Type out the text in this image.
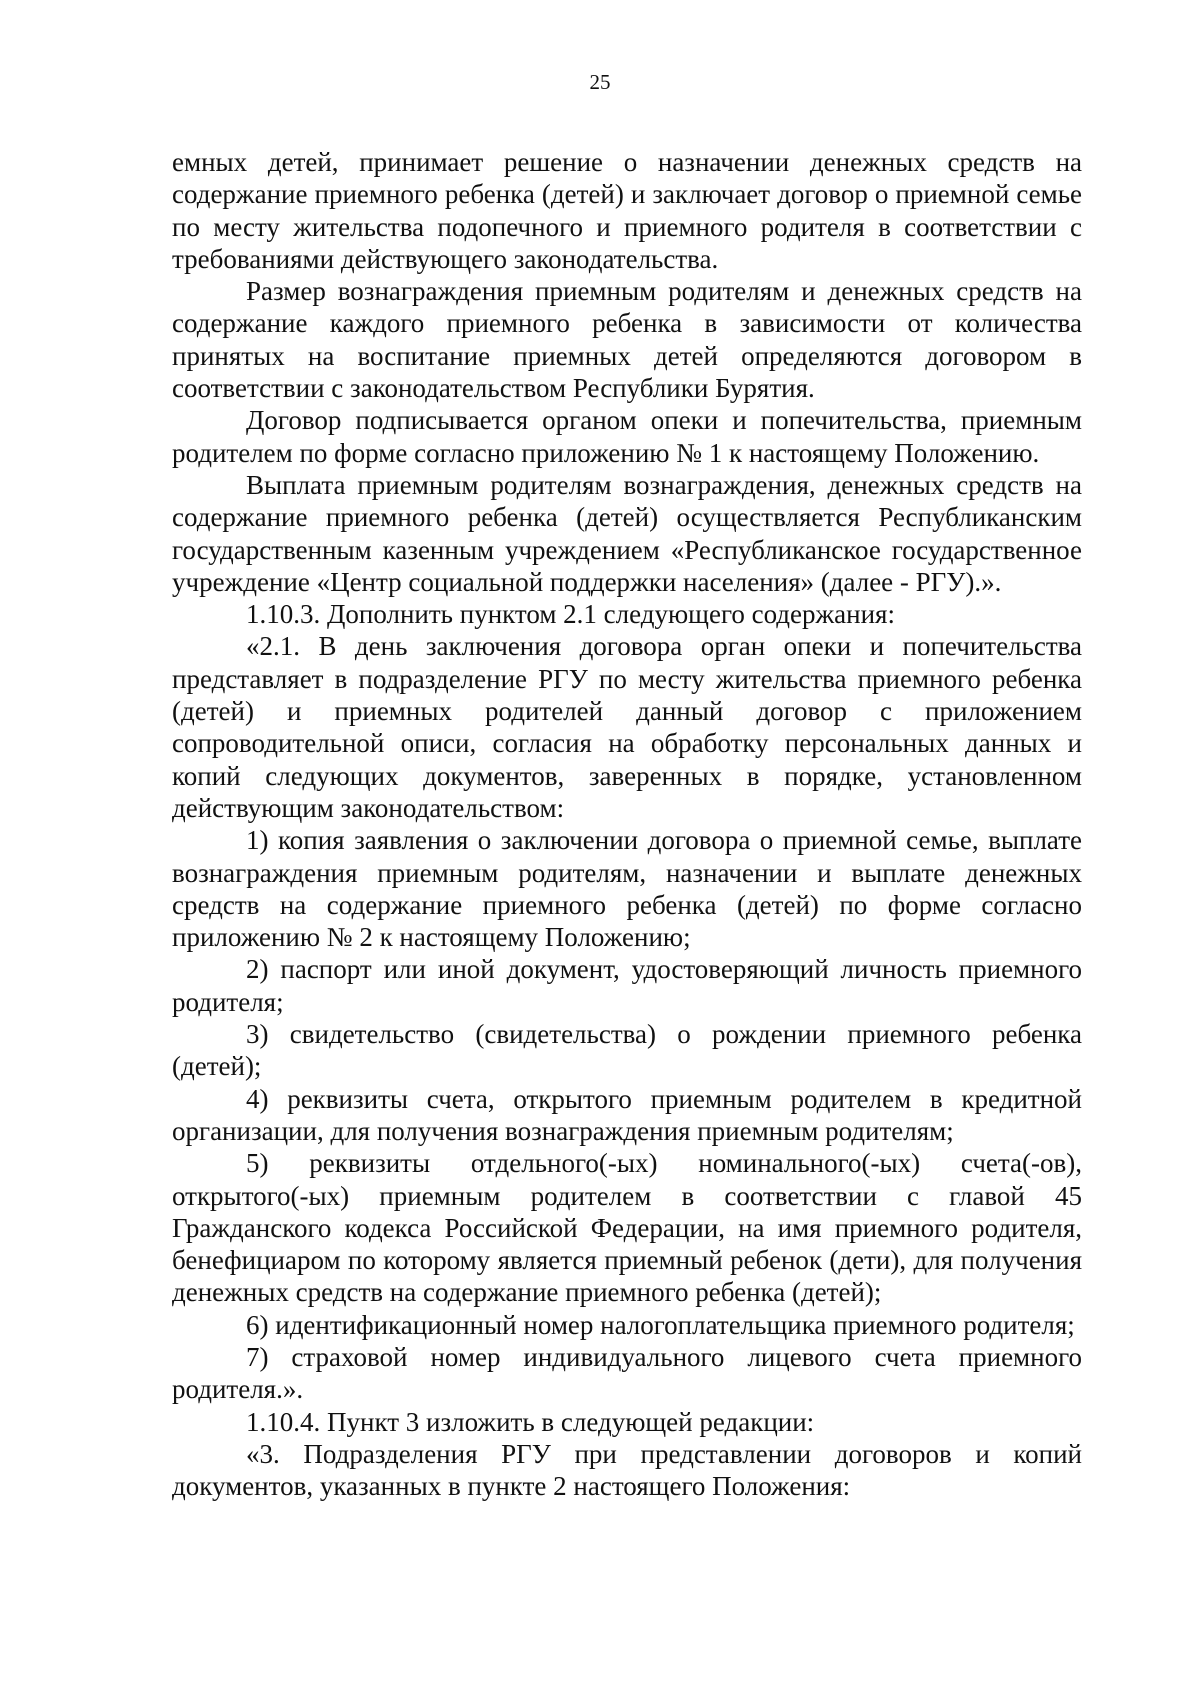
25

емных детей, принимает решение о назначении денежных средств на содержание приемного ребенка (детей) и заключает договор о приемной семье по месту жительства подопечного и приемного родителя в соответствии с требованиями действующего законодательства.

Размер вознаграждения приемным родителям и денежных средств на содержание каждого приемного ребенка в зависимости от количества принятых на воспитание приемных детей определяются договором в соответствии с законодательством Республики Бурятия.

Договор подписывается органом опеки и попечительства, приемным родителем по форме согласно приложению № 1 к настоящему Положению.

Выплата приемным родителям вознаграждения, денежных средств на содержание приемного ребенка (детей) осуществляется Республиканским государственным казенным учреждением «Республиканское государственное учреждение «Центр социальной поддержки населения» (далее - РГУ).».

1.10.3. Дополнить пунктом 2.1 следующего содержания:

«2.1. В день заключения договора орган опеки и попечительства представляет в подразделение РГУ по месту жительства приемного ребенка (детей) и приемных родителей данный договор с приложением сопроводительной описи, согласия на обработку персональных данных и копий следующих документов, заверенных в порядке, установленном действующим законодательством:

1) копия заявления о заключении договора о приемной семье, выплате вознаграждения приемным родителям, назначении и выплате денежных средств на содержание приемного ребенка (детей) по форме согласно приложению № 2 к настоящему Положению;

2) паспорт или иной документ, удостоверяющий личность приемного родителя;

3) свидетельство (свидетельства) о рождении приемного ребенка (детей);

4) реквизиты счета, открытого приемным родителем в кредитной организации, для получения вознаграждения приемным родителям;

5) реквизиты отдельного(-ых) номинального(-ых) счета(-ов), открытого(-ых) приемным родителем в соответствии с главой 45 Гражданского кодекса Российской Федерации, на имя приемного родителя, бенефициаром по которому является приемный ребенок (дети), для получения денежных средств на содержание приемного ребенка (детей);

6) идентификационный номер налогоплательщика приемного родителя;

7) страховой номер индивидуального лицевого счета приемного родителя.».

1.10.4. Пункт 3 изложить в следующей редакции:

«3. Подразделения РГУ при представлении договоров и копий документов, указанных в пункте 2 настоящего Положения:
